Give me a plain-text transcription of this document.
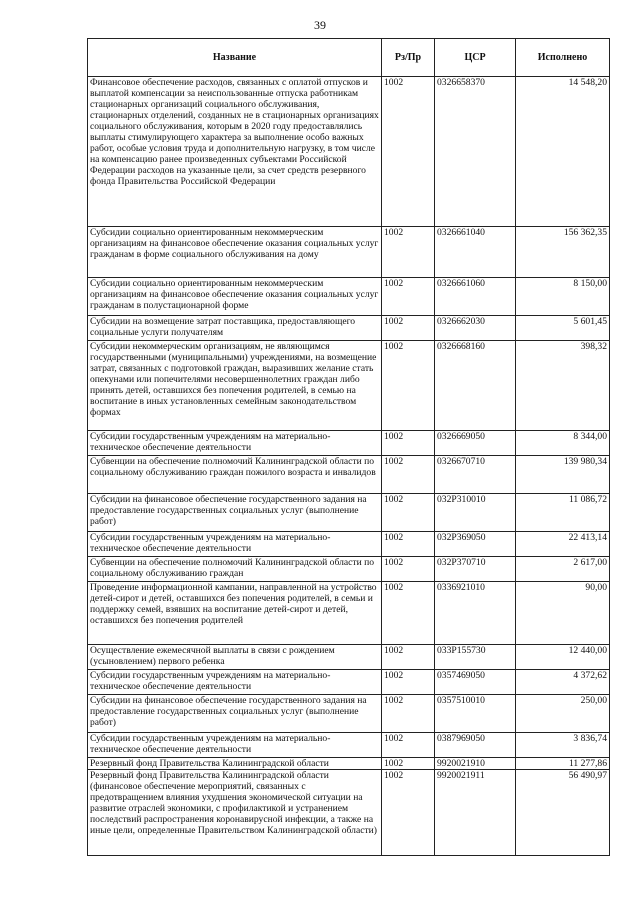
39
Название	Рз/Пр	ЦСР	Исполнено
Финансовое обеспечение расходов, связанных с оплатой отпусков и выплатой компенсации за неиспользованные отпуска работникам стационарных организаций социального обслуживания, стационарных отделений, созданных не в стационарных организациях социального обслуживания, которым в 2020 году предоставлялись выплаты стимулирующего характера за выполнение особо важных работ, особые условия труда и дополнительную нагрузку, в том числе на компенсацию ранее произведенных субъектами Российской Федерации расходов на указанные цели, за счет средств резервного фонда Правительства Российской Федерации	1002	0326658370	14 548,20
Субсидии социально ориентированным некоммерческим организациям на финансовое обеспечение оказания социальных услуг гражданам в форме социального обслуживания на дому	1002	0326661040	156 362,35
Субсидии социально ориентированным некоммерческим организациям на финансовое обеспечение оказания социальных услуг гражданам в полустационарной форме	1002	0326661060	8 150,00
Субсидии на возмещение затрат поставщика, предоставляющего социальные услуги получателям	1002	0326662030	5 601,45
Субсидии некоммерческим организациям, не являющимся государственными (муниципальными) учреждениями, на возмещение затрат, связанных с подготовкой граждан, выразивших желание стать опекунами или попечителями несовершеннолетних граждан либо принять детей, оставшихся без попечения родителей, в семью на воспитание в иных установленных семейным законодательством формах	1002	0326668160	398,32
Субсидии государственным учреждениям на материально-техническое обеспечение деятельности	1002	0326669050	8 344,00
Субвенции на обеспечение полномочий Калининградской области по социальному обслуживанию граждан пожилого возраста и инвалидов	1002	0326670710	139 980,34
Субсидии на финансовое обеспечение государственного задания на предоставление государственных социальных услуг (выполнение работ)	1002	032P310010	11 086,72
Субсидии государственным учреждениям на материально-техническое обеспечение деятельности	1002	032P369050	22 413,14
Субвенции на обеспечение полномочий Калининградской области по социальному обслуживанию граждан	1002	032P370710	2 617,00
Проведение информационной кампании, направленной на устройство детей-сирот и детей, оставшихся без попечения родителей, в семьи и поддержку семей, взявших на воспитание детей-сирот и детей, оставшихся без попечения родителей	1002	0336921010	90,00
Осуществление ежемесячной выплаты в связи с рождением (усыновлением) первого ребенка	1002	033P155730	12 440,00
Субсидии государственным учреждениям на материально-техническое обеспечение деятельности	1002	0357469050	4 372,62
Субсидии на финансовое обеспечение государственного задания на предоставление государственных социальных услуг (выполнение работ)	1002	0357510010	250,00
Субсидии государственным учреждениям на материально-техническое обеспечение деятельности	1002	0387969050	3 836,74
Резервный фонд Правительства Калининградской области	1002	9920021910	11 277,86
Резервный фонд Правительства Калининградской области (финансовое обеспечение мероприятий, связанных с предотвращением влияния ухудшения экономической ситуации на развитие отраслей экономики, с профилактикой и устранением последствий распространения коронавирусной инфекции, а также на иные цели, определенные Правительством Калининградской области)	1002	9920021911	56 490,97
